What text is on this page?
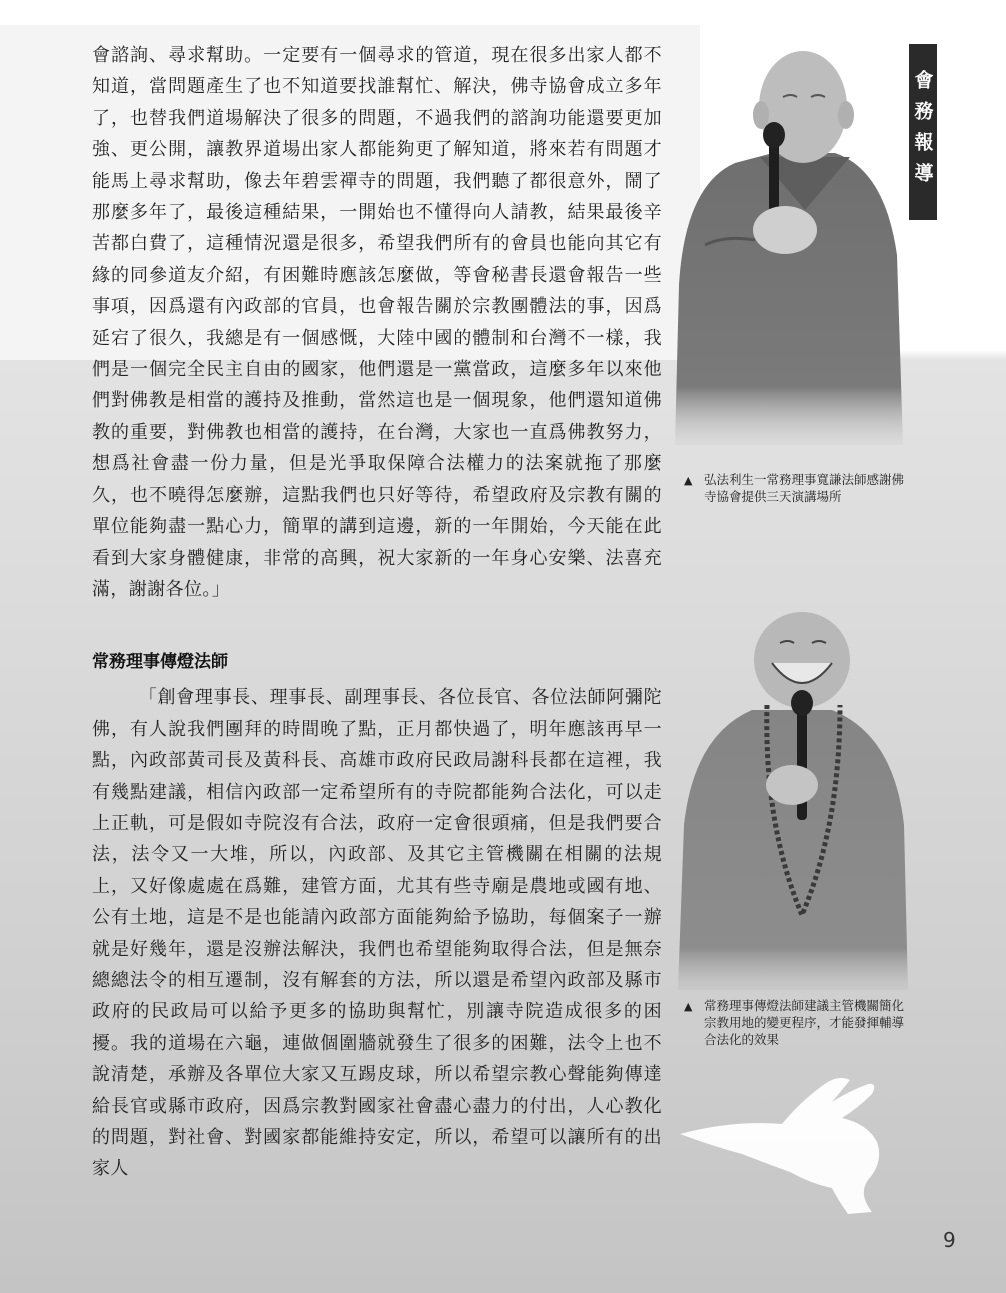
會諮詢、尋求幫助。一定要有一個尋求的管道，現在很多出家人都不知道，當問題產生了也不知道要找誰幫忙、解決，佛寺協會成立多年了，也替我們道場解決了很多的問題，不過我們的諮詢功能還要更加強、更公開，讓教界道場出家人都能夠更了解知道，將來若有問題才能馬上尋求幫助，像去年碧雲禪寺的問題，我們聽了都很意外，鬧了那麼多年了，最後這種結果，一開始也不懂得向人請教，結果最後辛苦都白費了，這種情況還是很多，希望我們所有的會員也能向其它有緣的同參道友介紹，有困難時應該怎麼做，等會秘書長還會報告一些事項，因爲還有內政部的官員，也會報告關於宗教團體法的事，因爲延宕了很久，我總是有一個感慨，大陸中國的體制和台灣不一樣，我們是一個完全民主自由的國家，他們還是一黨當政，這麼多年以來他們對佛教是相當的護持及推動，當然這也是一個現象，他們還知道佛教的重要，對佛教也相當的護持，在台灣，大家也一直爲佛教努力，想爲社會盡一份力量，但是光爭取保障合法權力的法案就拖了那麼久，也不曉得怎麼辦，這點我們也只好等待，希望政府及宗教有關的單位能夠盡一點心力，簡單的講到這邊，新的一年開始，今天能在此看到大家身體健康，非常的高興，祝大家新的一年身心安樂、法喜充滿，謝謝各位。」

常務理事傳燈法師

「創會理事長、理事長、副理事長、各位長官、各位法師阿彌陀佛，有人說我們團拜的時間晚了點，正月都快過了，明年應該再早一點，內政部黃司長及黃科長、高雄市政府民政局謝科長都在這裡，我有幾點建議，相信內政部一定希望所有的寺院都能夠合法化，可以走上正軌，可是假如寺院沒有合法，政府一定會很頭痛，但是我們要合法，法令又一大堆，所以，內政部、及其它主管機關在相關的法規上，又好像處處在爲難，建管方面，尤其有些寺廟是農地或國有地、公有土地，這是不是也能請內政部方面能夠給予協助，每個案子一辦就是好幾年，還是沒辦法解決，我們也希望能夠取得合法，但是無奈總總法令的相互遷制，沒有解套的方法，所以還是希望內政部及縣市政府的民政局可以給予更多的協助與幫忙，別讓寺院造成很多的困擾。我的道場在六龜，連做個圍牆就發生了很多的困難，法令上也不說清楚，承辦及各單位大家又互踢皮球，所以希望宗教心聲能夠傳達給長官或縣市政府，因爲宗教對國家社會盡心盡力的付出，人心教化的問題，對社會、對國家都能維持安定，所以，希望可以讓所有的出家人

會務報導
▲ 弘法利生一常務理事寬謙法師感謝佛寺協會提供三天演講場所
▲ 常務理事傳燈法師建議主管機關簡化宗教用地的變更程序，才能發揮輔導合法化的效果
9
